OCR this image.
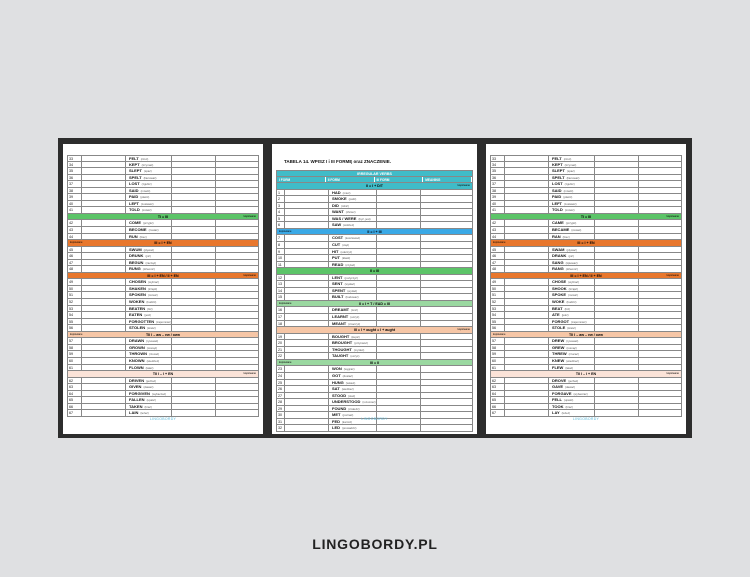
33	FELT (czuć)
34	KEPT (trzymać)
35	SLEPT (spać)
36	SPELT (literować)
37	LOST (zgubić)
38	SAID (mówić)
39	PAID (płacić)
40	LEFT (zostawić)
41	TOLD (mówić)
TI = III	kopiowane
42	COME (przyjść)
43	BECOME (zostać)
44	RUN (biec)
III = I + EN
kopiowane
45	SWUM (pływać)
46	DRUNK (pić)
47	BEGUN (zacząć)
48	RUNG (dzwonić)
III = I + EN / II + EN	kopiowane
49	CHOSEN (wybrać)
50	SHAKEN (trząść)
51	SPOKEN (mówić)
52	WOKEN (budzić)
53	BEATEN (bić)
54	EATEN (jeść)
55	FORGOTTEN (zapomnieć)
56	STOLEN (kraść)
TII I – aw – ew / own
kopiowane
57	DRAWN (rysować)
58	GROWN (rosnąć)
59	THROWN (rzucać)
60	KNOWN (wiedzieć)
61	FLOWN (latać)
TII I – I + EN	kopiowane
62	DRIVEN (jechać)
63	GIVEN (dawać)
64	FORGIVEN (wybaczać)
65	FALLEN (upaść)
66	TAKEN (brać)
67	LAIN (leżeć)
LINGOBORDY
TABELA 14. WPISZ I i III FORMĘ oraz ZNACZENIE.
IRREGULAR VERBS
I FORM	II FORM	III FORM	MEANING
II = I + D/T	kopiowane
1	HAD (mieć)
2	SMOKE (palić)
3	DID (robić)
4	WANT (chcieć)
5	WAS / WERE (być, jest)
6	SAW (widzieć)
II = I + III
kopiowane
7	COST (kosztować)
8	CUT (ciąć)
9	HIT (uderzyć)
10	PUT (kłaść)
11	READ (czytać)
II = III
12	LENT (pożyczyć)
13	SENT (wysłać)
14	SPENT (wydać)
15	BUILT (budować)
II = I + T / EAD = III
kopiowane
16	DREAMT (śnić)
17	LEARNT (uczyć)
18	MEANT (znaczyć)
III = I + ought = I + aught	kopiowane
19	BOUGHT (kupić)
20	BROUGHT (przynieść)
21	THOUGHT (myśleć)
22	TAUGHT (uczyć)
III = II
kopiowane
23	WON (wygrać)
24	GOT (dostać)
25	HUNG (wisieć)
26	SAT (siedzieć)
27	STOOD (stać)
28	UNDERSTOOD (rozumieć)
29	FOUND (znaleźć)
30	MET (poznać)
31	FED (karmić)
32	LED (prowadzić)
LINGOBORDY
33	FELT (czuć)
34	KEPT (trzymać)
35	SLEPT (spać)
36	SPELT (literować)
37	LOST (zgubić)
38	SAID (mówić)
39	PAID (płacić)
40	LEFT (zostawić)
41	TOLD (mówić)
TI = III	kopiowane
42	CAME (przyjść)
43	BECAME (zostać)
44	RAN (biec)
III = I + EN
kopiowane
45	SWAM (pływać)
46	DRANK (pić)
47	SANG (śpiewać)
48	RANG (dzwonić)
III = I + EN / II + EN	kopiowane
49	CHOSE (wybrać)
50	SHOOK (trząść)
51	SPOKE (mówić)
52	WOKE (budzić)
53	BEAT (bić)
54	ATE (jeść)
55	FORGOT (zapomnieć)
56	STOLE (kraść)
TII I – aw – ew / own
kopiowane
57	DREW (rysować)
58	GREW (rosnąć)
59	THREW (rzucać)
60	KNEW (wiedzieć)
61	FLEW (latać)
TII I – I + EN	kopiowane
62	DROVE (jechać)
63	GAVE (dawać)
64	FORGAVE (wybaczać)
65	FELL (upaść)
66	TOOK (brać)
67	LAY (leżeć)
LINGOBORDY
LINGOBORDY.PL
